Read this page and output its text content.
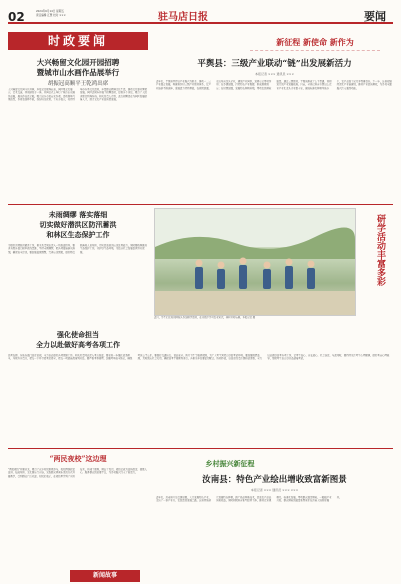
02	2024年6月14日 星期五
责任编辑 江慧 校对 ×××	驻马店日报	要闻
时政要闻
大兴畅留文化园开园招聘
暨城市山水画作品展举行
胡振冠高顺平王乾鸿出席
大兴畅留文化园今日开园，本报记者现场获悉，园区集文化展示、艺术交流、休闲游览于一体。开园仪式上举行了城市山水画作品展，展出作品百余幅，吸引众多市民前来参观。活动现场气氛热烈，参观者络绎不绝，纷纷驻足欣赏。主办方表示，将持续举办各类文化活动，丰富群众精神文化生活，推动文化事业繁荣发展。园区还同步开展了招聘活动，提供多个岗位，吸引了大批求职者到场咨询。相关负责人介绍，此次招聘旨在为园区发展储备人才，助力文化产业高质量发展。
新征程 新使命 新作为
平舆县：三级产业联动“链”出发展新活力
本报记者 ××× 通讯员 ×××
近年来，平舆县坚持以产业振兴为抓手，推动一二三产业融合发展，构建县乡村三级产业联动体系，让产业链条不断延伸，发展活力持续释放。在县级层面，重点培育龙头企业，建设产业园区，发挥示范带动作用；在乡镇层面，打造特色产业集群，形成规模效应；在村级层面，发展特色种植养殖，带动农民增收致富。通过三级联动，平舆县形成了上下贯通、协同发力的产业发展格局。目前，全县已培育市级以上农业产业化龙头企业数十家，建成标准化种植基地多个，农产品加工转化率显著提升。下一步，该县将继续深化产业链建设，推动产业提质增效，为乡村全面振兴注入强劲动能。
未雨绸缪 落实落细
切实做好潜洪区防汛蓄洪
和林区生态保护工作
为做好汛期防汛蓄洪工作，相关负责同志深入一线检查指导。要求各级各部门树牢底线思维，坚持未雨绸缪，把各项措施落实落细，确保安全度汛。要加强监测预警，完善应急预案，做好物资储备和人员培训，切实提高防汛应急处置能力。同时要统筹推进生态保护工作，守护好生态环境，为经济社会发展提供坚实保障。	研学活动丰富多彩
近日，学生们走进田间地头参加研学活动，在实践中学习农业知识，体验劳动乐趣。本报记者 摄
强化使命担当
全力以赴做好高考各项工作
高考在即，各地各部门高度重视，全力以赴做好各项保障工作。相关负责同志深入考点检查，要求进一步强化使命担当，压紧压实责任，把每一个环节都考虑周全，把每一项措施都落到实处。要严格考务管理，加强考场安全防范，确保考试公平公正。要做好交通出行、食品安全、医疗卫生等服务保障，为广大考生营造良好的考试环境。要加强舆情监测，及时回应社会关切，确保高考平稳顺利进行。各相关单位要密切配合、协同作战，以高度的责任感和使命感，全力以赴做好高考各项工作，让考生安心、家长放心、社会满意。与此同时，要持续关注考生心理健康，做好考前心理疏导，帮助考生以良好状态迎接考试。
“两民夜校”这边理
“两民夜校”开课以来，吸引了众多村民积极参与。夜校围绕政策宣讲、技能培训、文化娱乐等内容，采取群众喜闻乐见的方式开展教学，受到群众广泛欢迎。村民们表示，在夜校里学到了实用技术，开阔了眼界，增长了见识。夜校已成为宣传政策、凝聚人心、服务群众的重要平台，为乡村振兴注入了新活力。
乡村振兴新征程
汝南县：特色产业绘出增收致富新图景
本报记者 ××× 通讯员 ××× ×××
近年来，汝南县立足资源禀赋，大力发展特色产业，走出了一条产业兴、农民富的发展之路。该县因地制宜发展特色种植，推广新品种新技术，提高农产品品质和效益。同时积极培育新型经营主体，推动农业规模化、标准化发展，带动群众稳定增收。一幅幅产业兴旺、群众增收的致富新图景正在汝南大地徐徐展开。
新闻故事
